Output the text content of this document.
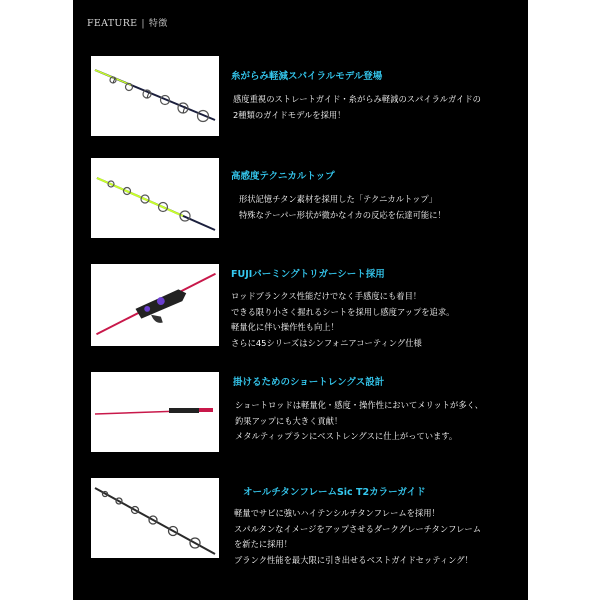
FEATURE | 特徴
糸がらみ軽減スパイラルモデル登場
感度重視のストレートガイド・糸がらみ軽減のスパイラルガイドの
2種類のガイドモデルを採用！
高感度テクニカルトップ
形状記憶チタン素材を採用した「テクニカルトップ」
特殊なテーパー形状が微かなイカの反応を伝達可能に！
FUJIパーミングトリガーシート採用
ロッドブランクス性能だけでなく手感度にも着目！
できる限り小さく握れるシートを採用し感度アップを追求。
軽量化に伴い操作性も向上！
さらに45シリーズはシンフォニアコーティング仕様
掛けるためのショートレングス設計
ショートロッドは軽量化・感度・操作性においてメリットが多く、
釣果アップにも大きく貢献！
メタルティップランにベストレングスに仕上がっています。
オールチタンフレームSic T2カラーガイド
軽量でサビに強いハイテンシルチタンフレームを採用！
スパルタンなイメージをアップさせるダークグレーチタンフレーム
を新たに採用！
ブランク性能を最大限に引き出せるベストガイドセッティング！
